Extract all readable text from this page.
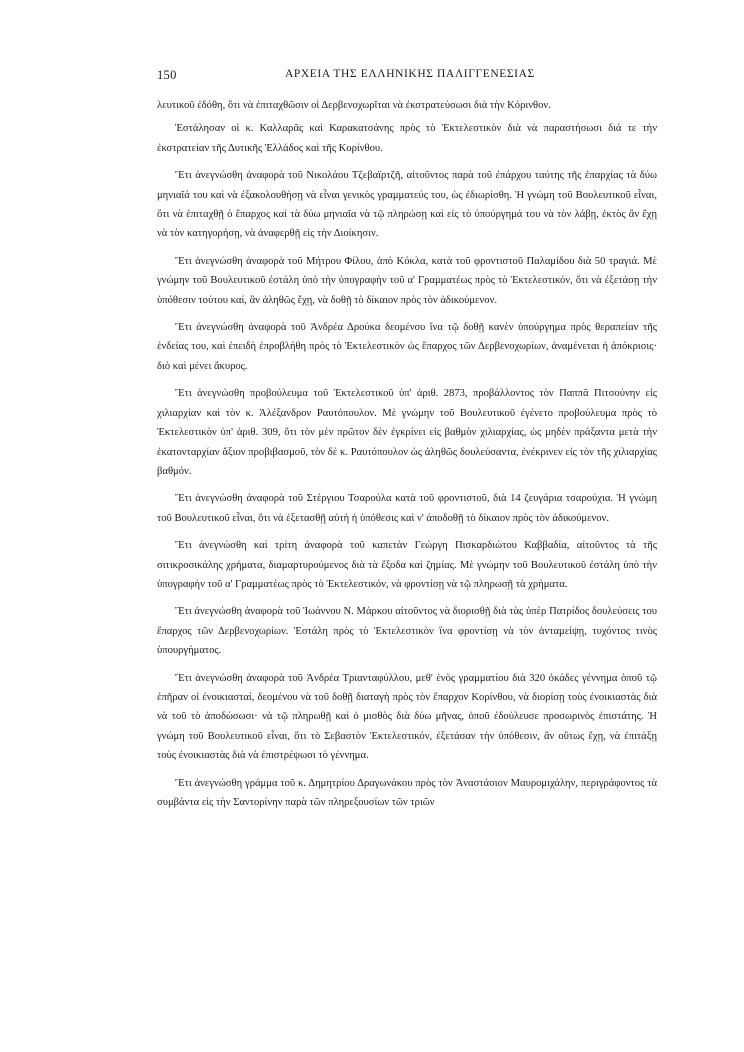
150	ΑΡΧΕΙΑ ΤΗΣ ΕΛΛΗΝΙΚΗΣ ΠΑΛΙΓΓΕΝΕΣΙΑΣ

λευτικοῦ ἐδόθη, ὅτι νὰ ἐπιταχθῶσιν οἱ Δερβενοχωρῖται νὰ ἐκστρατεύσωσι διὰ τὴν Κόρινθον.

Ἐστάλησαν οἱ κ. Καλλαρᾶς καὶ Καρακατσάνης πρὸς τὸ Ἐκτελεστικὸν διὰ νὰ παραστήσωσι διά τε τὴν ἐκστρατείαν τῆς Δυτικῆς Ἑλλάδος καὶ τῆς Κορίνθου.

Ἔτι ἀνεγνώσθη ἀναφορὰ τοῦ Νικολάου Τζεβαϊρτζῆ, αἰτοῦντος παρὰ τοῦ ἐπάρχου ταύτης τῆς ἐπαρχίας τὰ δύω μηνιαῖά του καὶ νὰ ἐξακολουθήσῃ νὰ εἶναι γενικὸς γραμματεύς του, ὡς ἐδιωρίσθη. Ἡ γνώμη τοῦ Βουλευτικοῦ εἶναι, ὅτι νὰ ἐπιταχθῇ ὁ ἔπαρχος καὶ τὰ δύω μηνιαῖα νὰ τῷ πληρώσῃ καὶ εἰς τὸ ὑπούργημά του νὰ τὸν λάβῃ, ἐκτὸς ἂν ἔχῃ νὰ τὸν κατηγορήσῃ, νὰ ἀναφερθῇ εἰς τὴν Διοίκησιν.

Ἔτι ἀνεγνώσθη ἀναφορὰ τοῦ Μήτρου Φίλου, ἀπὸ Κόκλα, κατὰ τοῦ φροντιστοῦ Παλαμίδου διὰ 50 τραγιά. Μὲ γνώμην τοῦ Βουλευτικοῦ ἐστάλη ὑπὸ τὴν ὑπογραφὴν τοῦ α' Γραμματέως πρὸς τὸ Ἐκτελεστικόν, ὅτι νὰ ἐξετάσῃ τὴν ὑπόθεσιν τούτου καί, ἂν ἀληθῶς ἔχῃ, νὰ δοθῇ τὸ δίκαιον πρὸς τὸν ἀδικούμενον.

Ἔτι ἀνεγνώσθη ἀναφορὰ τοῦ Ἀνδρέα Δρούκα δεομένου ἵνα τῷ δοθῇ κανὲν ὑπούργημα πρὸς θεραπείαν τῆς ἐνδείας του, καὶ ἐπειδὴ ἐπροβλήθη πρὸς τὸ Ἐκτελεστικὸν ὡς ἔπαρχος τῶν Δερβενοχωρίων, ἀναμένεται ἡ ἀπόκρισις· διὸ καὶ μένει ἄκυρος.

Ἔτι ἀνεγνώσθη προβούλευμα τοῦ Ἐκτελεστικοῦ ὑπ' ἀριθ. 2873, προβάλλοντος τὸν Παππᾶ Πιτσούνην εἰς χιλιαρχίαν καὶ τὸν κ. Ἀλέξανδρον Ραυτόπουλον. Μὲ γνώμην τοῦ Βουλευτικοῦ ἐγένετο προβούλευμα πρὸς τὸ Ἐκτελεστικὸν ὑπ' ἀριθ. 309, ὅτι τὸν μὲν πρῶτον δὲν ἐγκρίνει εἰς βαθμὸν χιλιαρχίας, ὡς μηδὲν πράξαντα μετὰ τὴν ἑκατονταρχίαν ἄξιον προβιβασμοῦ, τὸν δὲ κ. Ραυτόπουλον ὡς ἀληθῶς δουλεύσαντα, ἐνέκρινεν εἰς τὸν τῆς χιλιαρχίας βαθμόν.

Ἔτι ἀνεγνώσθη ἀναφορὰ τοῦ Στέργιου Τσαρούλα κατὰ τοῦ φροντιστοῦ, διὰ 14 ζευγάρια τσαρούχια. Ἡ γνώμη τοῦ Βουλευτικοῦ εἶναι, ὅτι νὰ ἐξετασθῇ αὐτὴ ἡ ὑπόθεσις καὶ ν' ἀποδοθῇ τὸ δίκαιον πρὸς τὸν ἀδικούμενον.

Ἔτι ἀνεγνώσθη καὶ τρίτη ἀναφορὰ τοῦ καπετὰν Γεώργη Πισκαρδιώτου Καββαδία, αἰτοῦντος τὰ τῆς σιτικροσικάλης χρήματα, διαμαρτυρούμενος διὰ τὰ ἔξοδα καὶ ζημίας. Μὲ γνώμην τοῦ Βουλευτικοῦ ἐστάλη ὑπὸ τὴν ὑπογραφὴν τοῦ α' Γραμματέως πρὸς τὸ Ἐκτελεστικόν, νὰ φροντίσῃ νὰ τῷ πληρωσῇ τὰ χρήματα.

Ἔτι ἀνεγνώσθη ἀναφορὰ τοῦ Ἰωάννου Ν. Μάρκου αἰτοῦντος νὰ διορισθῇ διὰ τὰς ὑπὲρ Πατρίδος δουλεύσεις του ἔπαρχος τῶν Δερβενοχωρίων. Ἐστάλη πρὸς τὸ Ἐκτελεστικὸν ἵνα φροντίσῃ νὰ τὸν ἀνταμείψῃ, τυχόντος τινὸς ὑπουργήματος.

Ἔτι ἀνεγνώσθη ἀναφορὰ τοῦ Ἀνδρέα Τριανταφύλλου, μεθ' ἑνὸς γραμματίου διὰ 320 ὀκάδες γέννημα ὁποῦ τῷ ἐπῆραν οἱ ἐνοικιασταί, δεομένου νὰ τοῦ δοθῇ διαταγὴ πρὸς τὸν ἔπαρχον Κορίνθου, νὰ διορίσῃ τοὺς ἐνοικιαστὰς διὰ νὰ τοῦ τὸ ἀποδώσωσι· νὰ τῷ πληρωθῇ καὶ ὁ μισθὸς διὰ δύω μῆνας, ὁποῦ ἐδούλευσε προσωρινὸς ἐπιστάτης. Ἡ γνώμη τοῦ Βουλευτικοῦ εἶναι, ὅτι τὸ Σεβαστὸν Ἐκτελεστικόν, ἐξετάσαν τὴν ὑπόθεσιν, ἂν οὕτως ἔχῃ, νὰ ἐπιτάξῃ τοὺς ἐνοικιαστὰς διὰ νὰ ἐπιστρέψωσι τὸ γέννημα.

Ἔτι ἀνεγνώσθη γράμμα τοῦ κ. Δημητρίου Δραγωνάκου πρὸς τὸν Ἀναστάσιον Μαυρομιχάλην, περιγράφοντος τὰ συμβάντα εἰς τὴν Σαντορίνην παρὰ τῶν πληρεξουσίων τῶν τριῶν
